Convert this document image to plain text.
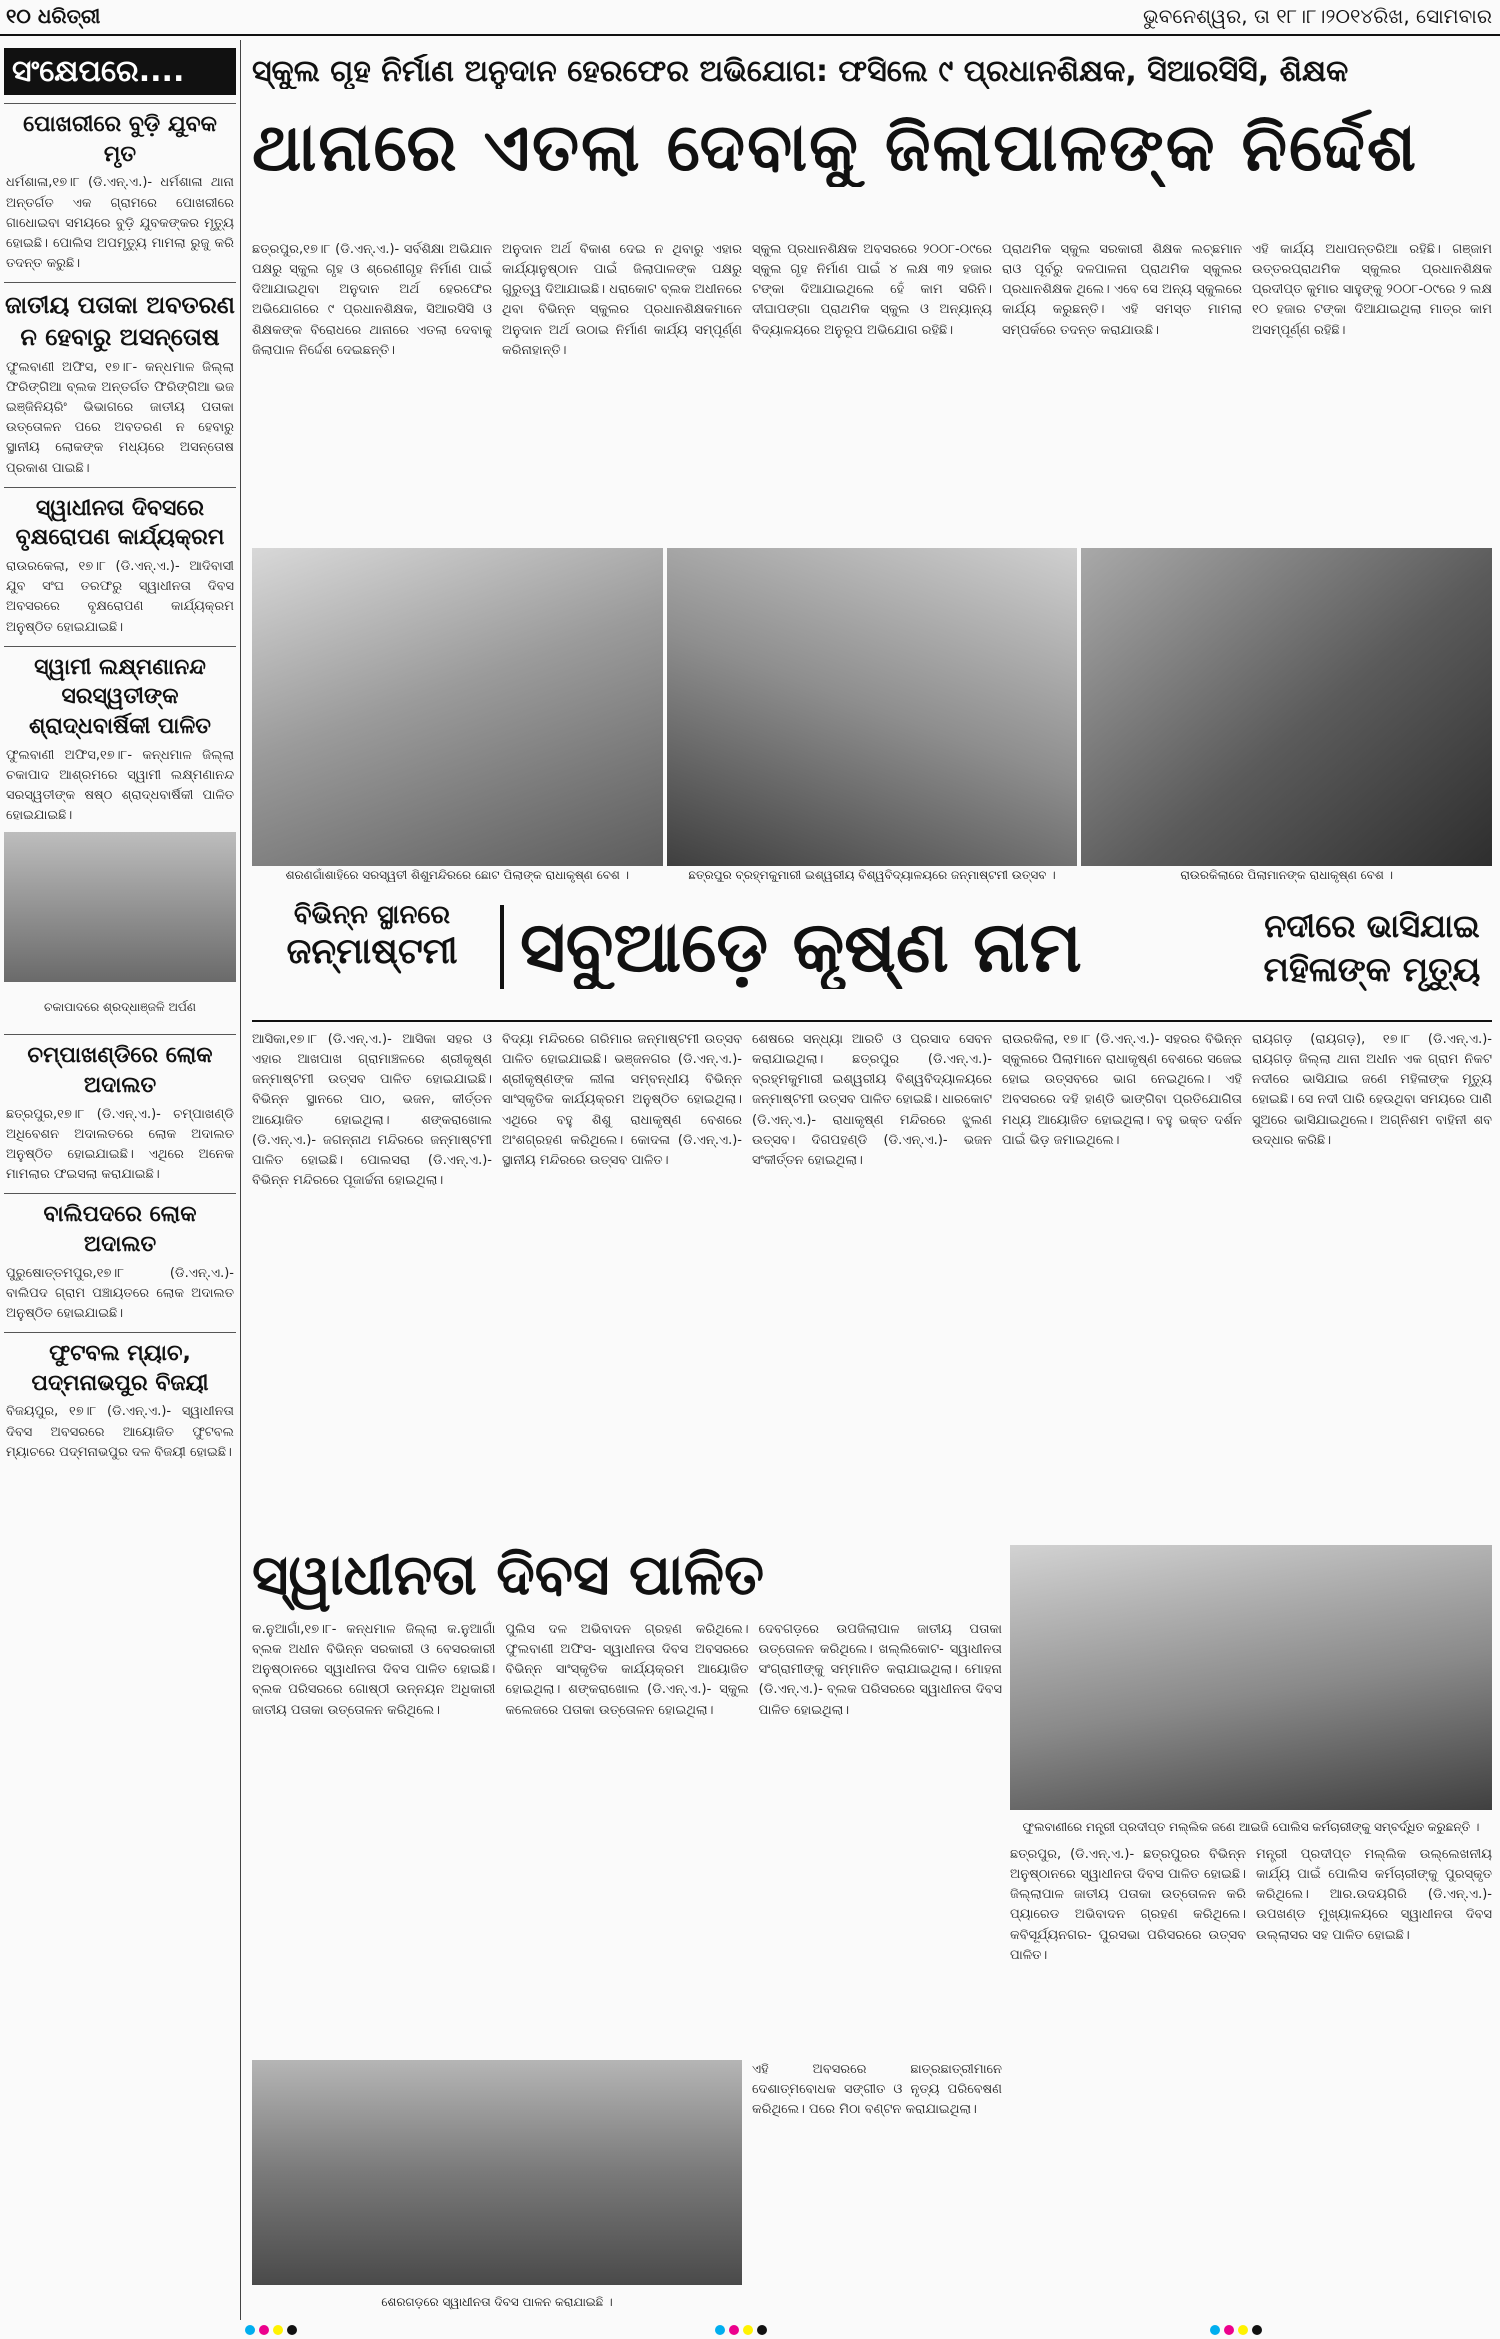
୧୦ ଧରିତ୍ରୀ	ଭୁବନେଶ୍ୱର, ତା ୧୮।୮।୨୦୧୪ରିଖ, ସୋମବାର
ସଂକ୍ଷେପରେ....
ପୋଖରୀରେ ବୁଡ଼ି ଯୁବକ ମୃତ
ଧର୍ମଶାଳା,୧୭।୮ (ଡି.ଏନ୍.ଏ.)- ଧର୍ମଶାଳା ଥାନା ଅନ୍ତର୍ଗତ ଏକ ଗ୍ରାମରେ ପୋଖରୀରେ ଗାଧୋଇବା ସମୟରେ ବୁଡ଼ି ଯୁବକଙ୍କର ମୃତ୍ୟୁ ହୋଇଛି। ପୋଲିସ ଅପମୃତ୍ୟୁ ମାମଲା ରୁଜୁ କରି ତଦନ୍ତ କରୁଛି।
ଜାତୀୟ ପତାକା ଅବତରଣ ନ ହେବାରୁ ଅସନ୍ତୋଷ
ଫୁଲବାଣୀ ଅଫିସ, ୧୭।୮- କନ୍ଧମାଳ ଜିଲ୍ଲା ଫିରିଙ୍ଗିଆ ବ୍ଲକ ଅନ୍ତର୍ଗତ ଫିରିଙ୍ଗିଆ ଭଜ ଇଞ୍ଜିନିୟରିଂ ଭିଭାଗରେ ଜାତୀୟ ପତାକା ଉତ୍ତୋଳନ ପରେ ଅବତରଣ ନ ହେବାରୁ ସ୍ଥାନୀୟ ଲୋକଙ୍କ ମଧ୍ୟରେ ଅସନ୍ତୋଷ ପ୍ରକାଶ ପାଇଛି।
ସ୍ୱାଧୀନତା ଦିବସରେ ବୃକ୍ଷରୋପଣ କାର୍ଯ୍ୟକ୍ରମ
ରାଉରକେଲା, ୧୭।୮ (ଡି.ଏନ୍.ଏ.)- ଆଦିବାସୀ ଯୁବ ସଂଘ ତରଫରୁ ସ୍ୱାଧୀନତା ଦିବସ ଅବସରରେ ବୃକ୍ଷରୋପଣ କାର୍ଯ୍ୟକ୍ରମ ଅନୁଷ୍ଠିତ ହୋଇଯାଇଛି।
ସ୍ୱାମୀ ଲକ୍ଷ୍ମଣାନନ୍ଦ ସରସ୍ୱତୀଙ୍କ ଶ୍ରାଦ୍ଧବାର୍ଷିକୀ ପାଳିତ
ଫୁଲବାଣୀ ଅଫିସ,୧୭।୮- କନ୍ଧମାଳ ଜିଲ୍ଲା ଚକାପାଦ ଆଶ୍ରମରେ ସ୍ୱାମୀ ଲକ୍ଷ୍ମଣାନନ୍ଦ ସରସ୍ୱତୀଙ୍କ ଷଷ୍ଠ ଶ୍ରାଦ୍ଧବାର୍ଷିକୀ ପାଳିତ ହୋଇଯାଇଛି।
ଚକାପାଦରେ ଶ୍ରଦ୍ଧାଞ୍ଜଳି ଅର୍ପଣ
ଚମ୍ପାଖଣ୍ଡିରେ ଲୋକ ଅଦାଲତ
ଛତ୍ରପୁର,୧୭।୮ (ଡି.ଏନ୍.ଏ.)- ଚମ୍ପାଖଣ୍ଡି ଅଧିବେଶନ ଅଦାଲତରେ ଲୋକ ଅଦାଲତ ଅନୁଷ୍ଠିତ ହୋଇଯାଇଛି। ଏଥିରେ ଅନେକ ମାମଲାର ଫଇସଲା କରାଯାଇଛି।
ବାଲିପଦରେ ଲୋକ ଅଦାଲତ
ପୁରୁଷୋତ୍ତମପୁର,୧୭।୮ (ଡି.ଏନ୍.ଏ.)- ବାଲିପଦ ଗ୍ରାମ ପଞ୍ଚାୟତରେ ଲୋକ ଅଦାଲତ ଅନୁଷ୍ଠିତ ହୋଇଯାଇଛି।
ଫୁଟବଲ ମ୍ୟାଚ, ପଦ୍ମନାଭପୁର ବିଜୟୀ
ବିଜୟପୁର, ୧୭।୮ (ଡି.ଏନ୍.ଏ.)- ସ୍ୱାଧୀନତା ଦିବସ ଅବସରରେ ଆୟୋଜିତ ଫୁଟବଲ ମ୍ୟାଚରେ ପଦ୍ମନାଭପୁର ଦଳ ବିଜୟୀ ହୋଇଛି।
ସ୍କୁଲ ଗୃହ ନିର୍ମାଣ ଅନୁଦାନ ହେରଫେର ଅଭିଯୋଗ: ଫସିଲେ ୯ ପ୍ରଧାନଶିକ୍ଷକ, ସିଆରସିସି, ଶିକ୍ଷକ
ଥାନାରେ ଏତଲା ଦେବାକୁ ଜିଲାପାଳଙ୍କ ନିର୍ଦ୍ଦେଶ
ଛତ୍ରପୁର,୧୭।୮ (ଡି.ଏନ୍.ଏ.)- ସର୍ବଶିକ୍ଷା ଅଭିଯାନ ପକ୍ଷରୁ ସ୍କୁଲ ଗୃହ ଓ ଶ୍ରେଣୀଗୃହ ନିର୍ମାଣ ପାଇଁ ଦିଆଯାଇଥିବା ଅନୁଦାନ ଅର୍ଥ ହେରଫେର ଅଭିଯୋଗରେ ୯ ପ୍ରଧାନଶିକ୍ଷକ, ସିଆରସିସି ଓ ଶିକ୍ଷକଙ୍କ ବିରୋଧରେ ଥାନାରେ ଏତଲା ଦେବାକୁ ଜିଲାପାଳ ନିର୍ଦ୍ଦେଶ ଦେଇଛନ୍ତି।
ଅନୁଦାନ ଅର୍ଥ ବିକାଶ ଦେଇ ନ ଥିବାରୁ ଏହାର କାର୍ଯ୍ୟାନୁଷ୍ଠାନ ପାଇଁ ଜିଲାପାଳଙ୍କ ପକ୍ଷରୁ ଗୁରୁତ୍ୱ ଦିଆଯାଇଛି। ଧରାକୋଟ ବ୍ଲକ ଅଧୀନରେ ଥିବା ବିଭିନ୍ନ ସ୍କୁଲର ପ୍ରଧାନଶିକ୍ଷକମାନେ ଅନୁଦାନ ଅର୍ଥ ଉଠାଇ ନିର୍ମାଣ କାର୍ଯ୍ୟ ସମ୍ପୂର୍ଣ୍ଣ କରିନାହାନ୍ତି।
ସ୍କୁଲ ପ୍ରଧାନଶିକ୍ଷକ ଅବସରରେ ୨୦୦୮-୦୯ରେ ସ୍କୁଲ ଗୃହ ନିର୍ମାଣ ପାଇଁ ୪ ଲକ୍ଷ ୩୨ ହଜାର ଟଙ୍କା ଦିଆଯାଇଥିଲେ ହେଁ କାମ ସରିନି। ଦୀଘାପଙ୍ଗା ପ୍ରାଥମିକ ସ୍କୁଲ ଓ ଅନ୍ୟାନ୍ୟ ବିଦ୍ୟାଳୟରେ ଅନୁରୂପ ଅଭିଯୋଗ ରହିଛି।
ପ୍ରାଥମିକ ସ୍କୁଲ ସରକାରୀ ଶିକ୍ଷକ ଲଚ୍ଛମାନ ରାଓ ପୂର୍ବରୁ ଦଳପାଳନା ପ୍ରାଥମିକ ସ୍କୁଲର ପ୍ରଧାନଶିକ୍ଷକ ଥିଲେ। ଏବେ ସେ ଅନ୍ୟ ସ୍କୁଲରେ କାର୍ଯ୍ୟ କରୁଛନ୍ତି। ଏହି ସମସ୍ତ ମାମଲା ସମ୍ପର୍କରେ ତଦନ୍ତ କରାଯାଉଛି।
ଏହି କାର୍ଯ୍ୟ ଅଧାପନ୍ତରିଆ ରହିଛି। ଗଞ୍ଜାମ ଉତ୍ତରପ୍ରାଥମିକ ସ୍କୁଲର ପ୍ରଧାନଶିକ୍ଷକ ପ୍ରଦୀପ୍ତ କୁମାର ସାହୁଙ୍କୁ ୨୦୦୮-୦୯ରେ ୨ ଲକ୍ଷ ୧୦ ହଜାର ଟଙ୍କା ଦିଆଯାଇଥିଲା ମାତ୍ର କାମ ଅସମ୍ପୂର୍ଣ୍ଣ ରହିଛି।
ଶରଣଗାଁଶାହିରେ ସରସ୍ୱତୀ ଶିଶୁମନ୍ଦିରରେ ଛୋଟ ପିଲାଙ୍କ ରାଧାକୃଷ୍ଣ ବେଶ ।	ଛତ୍ରପୁର ବ୍ରହ୍ମକୁମାରୀ ଇଶ୍ୱରୀୟ ବିଶ୍ୱବିଦ୍ୟାଳୟରେ ଜନ୍ମାଷ୍ଟମୀ ଉତ୍ସବ ।	ରାଉରକିଲାରେ ପିଲାମାନଙ୍କ ରାଧାକୃଷ୍ଣ ବେଶ ।
ବିଭିନ୍ନ ସ୍ଥାନରେ
ଜନ୍ମାଷ୍ଟମୀ ସବୁଆଡ଼େ କୃଷ୍ଣ ନାମ	ନଦୀରେ ଭାସିଯାଇ
ମହିଳାଙ୍କ ମୃତ୍ୟୁ
ଆସିକା,୧୭।୮ (ଡି.ଏନ୍.ଏ.)- ଆସିକା ସହର ଓ ଏହାର ଆଖପାଖ ଗ୍ରାମାଞ୍ଚଳରେ ଶ୍ରୀକୃଷ୍ଣ ଜନ୍ମାଷ୍ଟମୀ ଉତ୍ସବ ପାଳିତ ହୋଇଯାଇଛି। ବିଭିନ୍ନ ସ୍ଥାନରେ ପାଠ, ଭଜନ, କୀର୍ତ୍ତନ ଆୟୋଜିତ ହୋଇଥିଲା। ଶଙ୍କରାଖୋଲ (ଡି.ଏନ୍.ଏ.)- ଜଗନ୍ନାଥ ମନ୍ଦିରରେ ଜନ୍ମାଷ୍ଟମୀ ପାଳିତ ହୋଇଛି। ପୋଲସରା (ଡି.ଏନ୍.ଏ.)- ବିଭିନ୍ନ ମନ୍ଦିରରେ ପୂଜାର୍ଚ୍ଚନା ହୋଇଥିଲା।
ବିଦ୍ୟା ମନ୍ଦିରରେ ଗରିମାର ଜନ୍ମାଷ୍ଟମୀ ଉତ୍ସବ ପାଳିତ ହୋଇଯାଇଛି। ଭଞ୍ଜନଗର (ଡି.ଏନ୍.ଏ.)- ଶ୍ରୀକୃଷ୍ଣଙ୍କ ଲୀଳା ସମ୍ବନ୍ଧୀୟ ବିଭିନ୍ନ ସାଂସ୍କୃତିକ କାର୍ଯ୍ୟକ୍ରମ ଅନୁଷ୍ଠିତ ହୋଇଥିଲା। ଏଥିରେ ବହୁ ଶିଶୁ ରାଧାକୃଷ୍ଣ ବେଶରେ ଅଂଶଗ୍ରହଣ କରିଥିଲେ। କୋଦଳା (ଡି.ଏନ୍.ଏ.)- ସ୍ଥାନୀୟ ମନ୍ଦିରରେ ଉତ୍ସବ ପାଳିତ।
ଶେଷରେ ସନ୍ଧ୍ୟା ଆରତି ଓ ପ୍ରସାଦ ସେବନ କରାଯାଇଥିଲା। ଛତ୍ରପୁର (ଡି.ଏନ୍.ଏ.)- ବ୍ରହ୍ମକୁମାରୀ ଇଶ୍ୱରୀୟ ବିଶ୍ୱବିଦ୍ୟାଳୟରେ ଜନ୍ମାଷ୍ଟମୀ ଉତ୍ସବ ପାଳିତ ହୋଇଛି। ଧାରକୋଟ (ଡି.ଏନ୍.ଏ.)- ରାଧାକୃଷ୍ଣ ମନ୍ଦିରରେ ଝୁଲଣ ଉତ୍ସବ। ଦିଗପହଣ୍ଡି (ଡି.ଏନ୍.ଏ.)- ଭଜନ ସଂକୀର୍ତ୍ତନ ହୋଇଥିଲା।
ରାଉରକିଲା, ୧୭।୮ (ଡି.ଏନ୍.ଏ.)- ସହରର ବିଭିନ୍ନ ସ୍କୁଲରେ ପିଲାମାନେ ରାଧାକୃଷ୍ଣ ବେଶରେ ସଜେଇ ହୋଇ ଉତ୍ସବରେ ଭାଗ ନେଇଥିଲେ। ଏହି ଅବସରରେ ଦହି ହାଣ୍ଡି ଭାଙ୍ଗିବା ପ୍ରତିଯୋଗିତା ମଧ୍ୟ ଆୟୋଜିତ ହୋଇଥିଲା। ବହୁ ଭକ୍ତ ଦର୍ଶନ ପାଇଁ ଭିଡ଼ ଜମାଇଥିଲେ।
ରାୟଗଡ଼ (ରାୟଗଡ଼), ୧୭।୮ (ଡି.ଏନ୍.ଏ.)- ରାୟଗଡ଼ ଜିଲ୍ଲା ଥାନା ଅଧୀନ ଏକ ଗ୍ରାମ ନିକଟ ନଦୀରେ ଭାସିଯାଇ ଜଣେ ମହିଳାଙ୍କ ମୃତ୍ୟୁ ହୋଇଛି। ସେ ନଦୀ ପାରି ହେଉଥିବା ସମୟରେ ପାଣି ସୁଅରେ ଭାସିଯାଇଥିଲେ। ଅଗ୍ନିଶମ ବାହିନୀ ଶବ ଉଦ୍ଧାର କରିଛି।
ସ୍ୱାଧୀନତା ଦିବସ ପାଳିତ
କ.ନୁଆଗାଁ,୧୭।୮- କନ୍ଧମାଳ ଜିଲ୍ଲା କ.ନୁଆଗାଁ ବ୍ଲକ ଅଧୀନ ବିଭିନ୍ନ ସରକାରୀ ଓ ବେସରକାରୀ ଅନୁଷ୍ଠାନରେ ସ୍ୱାଧୀନତା ଦିବସ ପାଳିତ ହୋଇଛି। ବ୍ଲକ ପରିସରରେ ଗୋଷ୍ଠୀ ଉନ୍ନୟନ ଅଧିକାରୀ ଜାତୀୟ ପତାକା ଉତ୍ତୋଳନ କରିଥିଲେ।
ପୁଲିସ ଦଳ ଅଭିବାଦନ ଗ୍ରହଣ କରିଥିଲେ। ଫୁଲବାଣୀ ଅଫିସ- ସ୍ୱାଧୀନତା ଦିବସ ଅବସରରେ ବିଭିନ୍ନ ସାଂସ୍କୃତିକ କାର୍ଯ୍ୟକ୍ରମ ଆୟୋଜିତ ହୋଇଥିଲା। ଶଙ୍କରାଖୋଲ (ଡି.ଏନ୍.ଏ.)- ସ୍କୁଲ କଲେଜରେ ପତାକା ଉତ୍ତୋଳନ ହୋଇଥିଲା।
ଦେବଗଡ଼ରେ ଉପଜିଲାପାଳ ଜାତୀୟ ପତାକା ଉତ୍ତୋଳନ କରିଥିଲେ। ଖଲ୍ଲିକୋଟ- ସ୍ୱାଧୀନତା ସଂଗ୍ରାମୀଙ୍କୁ ସମ୍ମାନିତ କରାଯାଇଥିଲା। ମୋହନା (ଡି.ଏନ୍.ଏ.)- ବ୍ଲକ ପରିସରରେ ସ୍ୱାଧୀନତା ଦିବସ ପାଳିତ ହୋଇଥିଲା।
ଶେରଗଡ଼ରେ ସ୍ୱାଧୀନତା ଦିବସ ପାଳନ କରାଯାଇଛି ।
ଏହି ଅବସରରେ ଛାତ୍ରଛାତ୍ରୀମାନେ ଦେଶାତ୍ମବୋଧକ ସଙ୍ଗୀତ ଓ ନୃତ୍ୟ ପରିବେଷଣ କରିଥିଲେ। ପରେ ମିଠା ବଣ୍ଟନ କରାଯାଇଥିଲା।
ଫୁଲବାଣୀରେ ମନ୍ତ୍ରୀ ପ୍ରଦୀପ୍ତ ମଲ୍ଲିକ ଜଣେ ଆଇଜି ପୋଲିସ କର୍ମଚାରୀଙ୍କୁ ସମ୍ବର୍ଦ୍ଧିତ କରୁଛନ୍ତି ।
ଛତ୍ରପୁର, (ଡି.ଏନ୍.ଏ.)- ଛତ୍ରପୁରର ବିଭିନ୍ନ ଅନୁଷ୍ଠାନରେ ସ୍ୱାଧୀନତା ଦିବସ ପାଳିତ ହୋଇଛି। ଜିଲ୍ଲାପାଳ ଜାତୀୟ ପତାକା ଉତ୍ତୋଳନ କରି ପ୍ୟାରେଡ ଅଭିବାଦନ ଗ୍ରହଣ କରିଥିଲେ। କବିସୂର୍ଯ୍ୟନଗର- ପୁରସଭା ପରିସରରେ ଉତ୍ସବ ପାଳିତ।
ମନ୍ତ୍ରୀ ପ୍ରଦୀପ୍ତ ମଲ୍ଲିକ ଉଲ୍ଲେଖନୀୟ କାର୍ଯ୍ୟ ପାଇଁ ପୋଲିସ କର୍ମଚାରୀଙ୍କୁ ପୁରସ୍କୃତ କରିଥିଲେ। ଆର.ଉଦୟଗିରି (ଡି.ଏନ୍.ଏ.)- ଉପଖଣ୍ଡ ମୁଖ୍ୟାଳୟରେ ସ୍ୱାଧୀନତା ଦିବସ ଉଲ୍ଲାସର ସହ ପାଳିତ ହୋଇଛି।
